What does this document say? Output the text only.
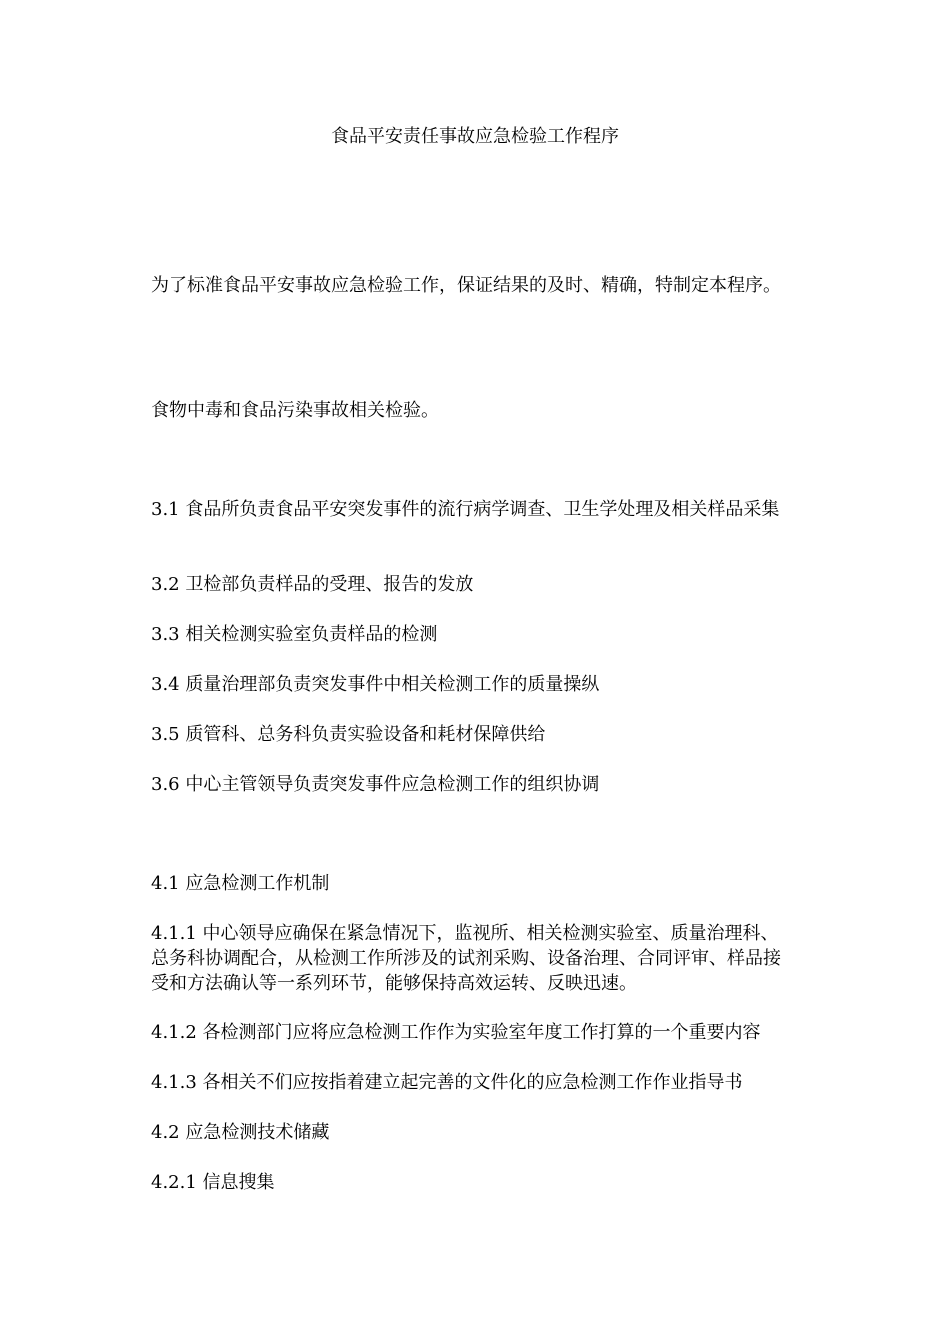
食品平安责任事故应急检验工作程序

为了标准食品平安事故应急检验工作，保证结果的及时、精确，特制定本程序。

食物中毒和食品污染事故相关检验。

3.1 食品所负责食品平安突发事件的流行病学调查、卫生学处理及相关样品采集

3.2 卫检部负责样品的受理、报告的发放

3.3 相关检测实验室负责样品的检测

3.4 质量治理部负责突发事件中相关检测工作的质量操纵

3.5 质管科、总务科负责实验设备和耗材保障供给

3.6 中心主管领导负责突发事件应急检测工作的组织协调

4.1 应急检测工作机制

4.1.1 中心领导应确保在紧急情况下，监视所、相关检测实验室、质量治理科、总务科协调配合，从检测工作所涉及的试剂采购、设备治理、合同评审、样品接受和方法确认等一系列环节，能够保持高效运转、反映迅速。

4.1.2 各检测部门应将应急检测工作作为实验室年度工作打算的一个重要内容

4.1.3 各相关不们应按指着建立起完善的文件化的应急检测工作作业指导书

4.2 应急检测技术储藏

4.2.1 信息搜集
